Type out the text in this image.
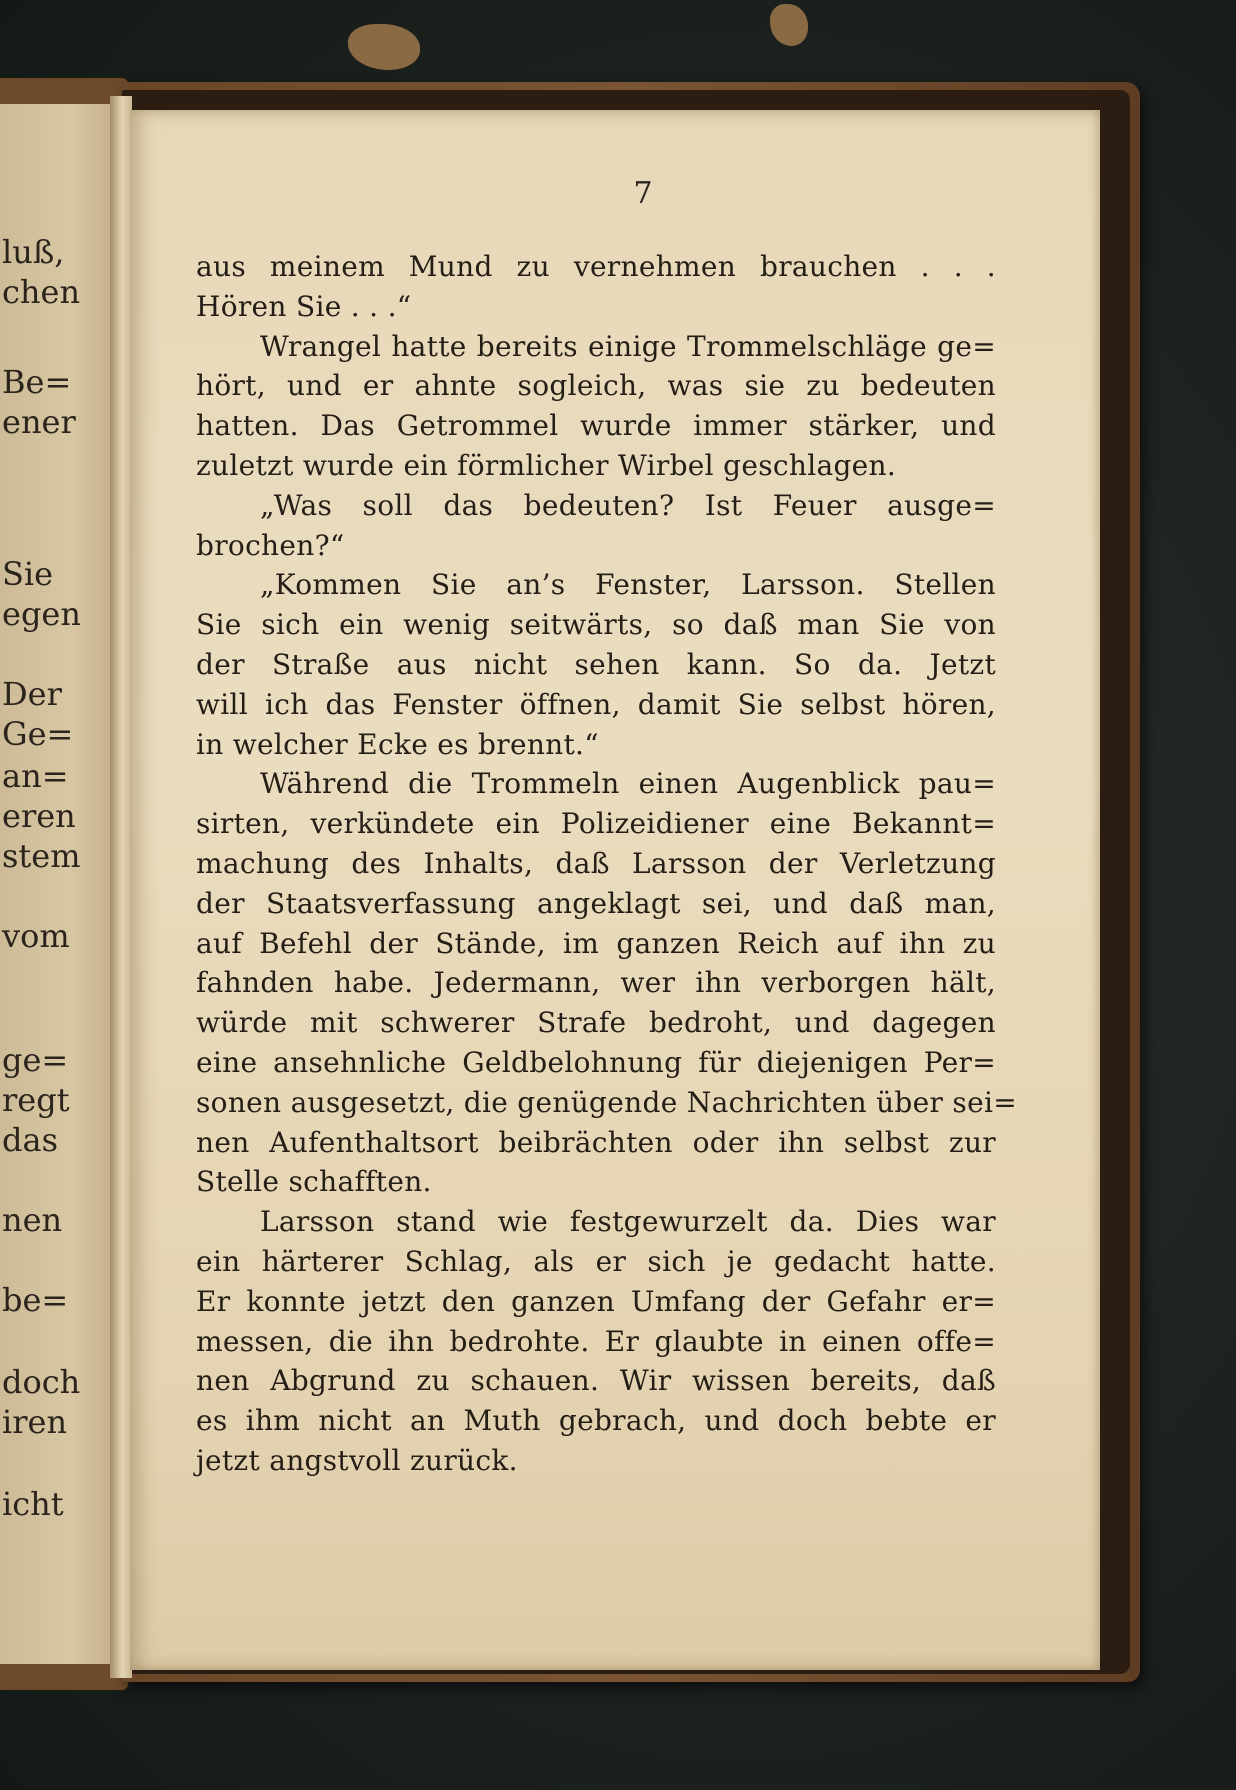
luß,
chen
Be=
ener
Sie
egen
Der
Ge=
an=
eren
stem
vom
ge=
regt
das
nen
be=
doch
iren
icht
7
aus meinem Mund zu vernehmen brauchen . . .
Hören Sie . . .“
Wrangel hatte bereits einige Trommelschläge ge=
hört, und er ahnte sogleich, was sie zu bedeuten
hatten. Das Getrommel wurde immer stärker, und
zuletzt wurde ein förmlicher Wirbel geschlagen.
„Was soll das bedeuten? Ist Feuer ausge=
brochen?“
„Kommen Sie an’s Fenster, Larsson. Stellen
Sie sich ein wenig seitwärts, so daß man Sie von
der Straße aus nicht sehen kann. So da. Jetzt
will ich das Fenster öffnen, damit Sie selbst hören,
in welcher Ecke es brennt.“
Während die Trommeln einen Augenblick pau=
sirten, verkündete ein Polizeidiener eine Bekannt=
machung des Inhalts, daß Larsson der Verletzung
der Staatsverfassung angeklagt sei, und daß man,
auf Befehl der Stände, im ganzen Reich auf ihn zu
fahnden habe. Jedermann, wer ihn verborgen hält,
würde mit schwerer Strafe bedroht, und dagegen
eine ansehnliche Geldbelohnung für diejenigen Per=
sonen ausgesetzt, die genügende Nachrichten über sei=
nen Aufenthaltsort beibrächten oder ihn selbst zur
Stelle schafften.
Larsson stand wie festgewurzelt da. Dies war
ein härterer Schlag, als er sich je gedacht hatte.
Er konnte jetzt den ganzen Umfang der Gefahr er=
messen, die ihn bedrohte. Er glaubte in einen offe=
nen Abgrund zu schauen. Wir wissen bereits, daß
es ihm nicht an Muth gebrach, und doch bebte er
jetzt angstvoll zurück.
